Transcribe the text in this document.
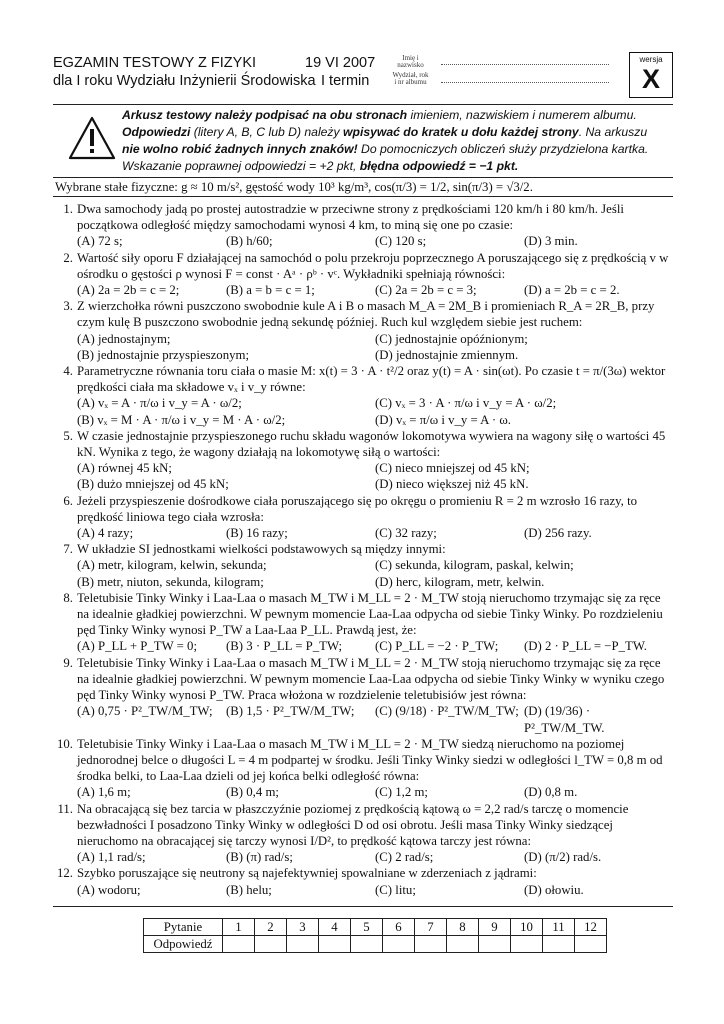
EGZAMIN TESTOWY Z FIZYKI
dla I roku Wydziału Inżynierii Środowiska
19 VI 2007
I termin
Imię i
nazwisko
Wydział, rok
i nr albumu
wersja
X
Arkusz testowy należy podpisać na obu stronach imieniem, nazwiskiem i numerem albumu.
Odpowiedzi (litery A, B, C lub D) należy wpisywać do kratek u dołu każdej strony. Na arkuszu
nie wolno robić żadnych innych znaków! Do pomocniczych obliczeń służy przydzielona kartka.
Wskazanie poprawnej odpowiedzi = +2 pkt, błędna odpowiedź = −1 pkt.
Wybrane stałe fizyczne: g ≈ 10 m/s², gęstość wody 10³ kg/m³, cos(π/3) = 1/2, sin(π/3) = √3/2.
1. Dwa samochody jadą po prostej autostradzie w przeciwne strony z prędkościami 120 km/h i 80 km/h. Jeśli początkowa odległość między samochodami wynosi 4 km, to miną się one po czasie:
(A) 72 s;	(B) h/60;	(C) 120 s;	(D) 3 min.
2. Wartość siły oporu F działającej na samochód o polu przekroju poprzecznego A poruszającego się z prędkością v w ośrodku o gęstości ρ wynosi F = const · Aᵃ · ρᵇ · vᶜ. Wykładniki spełniają równości:
(A) 2a = 2b = c = 2;	(B) a = b = c = 1;	(C) 2a = 2b = c = 3;	(D) a = 2b = c = 2.
3. Z wierzchołka równi puszczono swobodnie kule A i B o masach M_A = 2M_B i promieniach R_A = 2R_B, przy czym kulę B puszczono swobodnie jedną sekundę później. Ruch kul względem siebie jest ruchem:
(A) jednostajnym;	(C) jednostajnie opóźnionym;
(B) jednostajnie przyspieszonym;	(D) jednostajnie zmiennym.
4. Parametryczne równania toru ciała o masie M: x(t) = 3 · A · t²/2 oraz y(t) = A · sin(ωt). Po czasie t = π/(3ω) wektor prędkości ciała ma składowe vₓ i v_y równe:
(A) vₓ = A · π/ω i v_y = A · ω/2;	(C) vₓ = 3 · A · π/ω i v_y = A · ω/2;
(B) vₓ = M · A · π/ω i v_y = M · A · ω/2;	(D) vₓ = π/ω i v_y = A · ω.
5. W czasie jednostajnie przyspieszonego ruchu składu wagonów lokomotywa wywiera na wagony siłę o wartości 45 kN. Wynika z tego, że wagony działają na lokomotywę siłą o wartości:
(A) równej 45 kN;	(C) nieco mniejszej od 45 kN;
(B) dużo mniejszej od 45 kN;	(D) nieco większej niż 45 kN.
6. Jeżeli przyspieszenie dośrodkowe ciała poruszającego się po okręgu o promieniu R = 2 m wzrosło 16 razy, to prędkość liniowa tego ciała wzrosła:
(A) 4 razy;	(B) 16 razy;	(C) 32 razy;	(D) 256 razy.
7. W układzie SI jednostkami wielkości podstawowych są między innymi:
(A) metr, kilogram, kelwin, sekunda;	(C) sekunda, kilogram, paskal, kelwin;
(B) metr, niuton, sekunda, kilogram;	(D) herc, kilogram, metr, kelwin.
8. Teletubisie Tinky Winky i Laa-Laa o masach M_TW i M_LL = 2 · M_TW stoją nieruchomo trzymając się za ręce na idealnie gładkiej powierzchni. W pewnym momencie Laa-Laa odpycha od siebie Tinky Winky. Po rozdzieleniu pęd Tinky Winky wynosi P_TW a Laa-Laa P_LL. Prawdą jest, że:
(A) P_LL + P_TW = 0;	(B) 3 · P_LL = P_TW;	(C) P_LL = −2 · P_TW;	(D) 2 · P_LL = −P_TW.
9. Teletubisie Tinky Winky i Laa-Laa o masach M_TW i M_LL = 2 · M_TW stoją nieruchomo trzymając się za ręce na idealnie gładkiej powierzchni. W pewnym momencie Laa-Laa odpycha od siebie Tinky Winky w wyniku czego pęd Tinky Winky wynosi P_TW. Praca włożona w rozdzielenie teletubisiów jest równa:
(A) 0,75 · P²_TW/M_TW;	(B) 1,5 · P²_TW/M_TW;	(C) (9/18) · P²_TW/M_TW; (D) (19/36) · P²_TW/M_TW.
10. Teletubisie Tinky Winky i Laa-Laa o masach M_TW i M_LL = 2 · M_TW siedzą nieruchomo na poziomej jednorodnej belce o długości L = 4 m podpartej w środku. Jeśli Tinky Winky siedzi w odległości l_TW = 0,8 m od środka belki, to Laa-Laa dzieli od jej końca belki odległość równa:
(A) 1,6 m;	(B) 0,4 m;	(C) 1,2 m;	(D) 0,8 m.
11. Na obracającą się bez tarcia w płaszczyźnie poziomej z prędkością kątową ω = 2,2 rad/s tarczę o momencie bezwładności I posadzono Tinky Winky w odległości D od osi obrotu. Jeśli masa Tinky Winky siedzącej nieruchomo na obracającej się tarczy wynosi I/D², to prędkość kątowa tarczy jest równa:
(A) 1,1 rad/s;	(B) (π) rad/s;	(C) 2 rad/s;	(D) (π/2) rad/s.
12. Szybko poruszające się neutrony są najefektywniej spowalniane w zderzeniach z jądrami:
(A) wodoru;	(B) helu;	(C) litu;	(D) ołowiu.
Pytanie	1	2	3	4	5	6	7	8	9	10	11	12
Odpowiedź												
